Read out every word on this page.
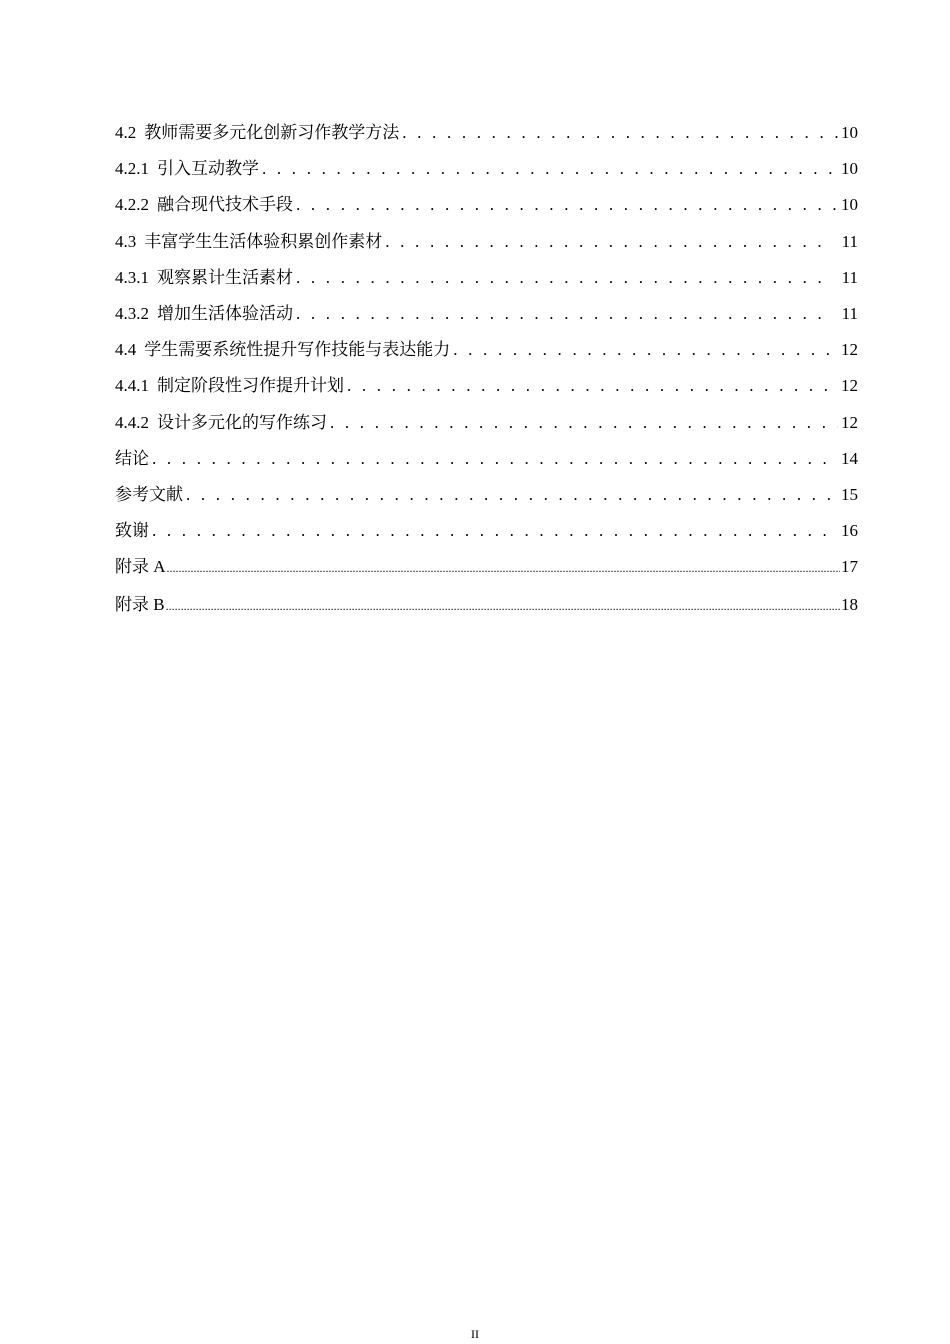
4.2 教师需要多元化创新习作教学方法 . . .	10
4.2.1 引入互动教学 . . .	10
4.2.2 融合现代技术手段 . . .	10
4.3 丰富学生生活体验积累创作素材 . . .	11
4.3.1 观察累计生活素材 . . .	11
4.3.2 增加生活体验活动 . . .	11
4.4 学生需要系统性提升写作技能与表达能力 . . .	12
4.4.1 制定阶段性习作提升计划 . . .	12
4.4.2 设计多元化的写作练习 . . .	12
结论 . . .	14
参考文献 . . .	15
致谢 . . .	16
附录 A .....	17
附录 B .....	18
II
